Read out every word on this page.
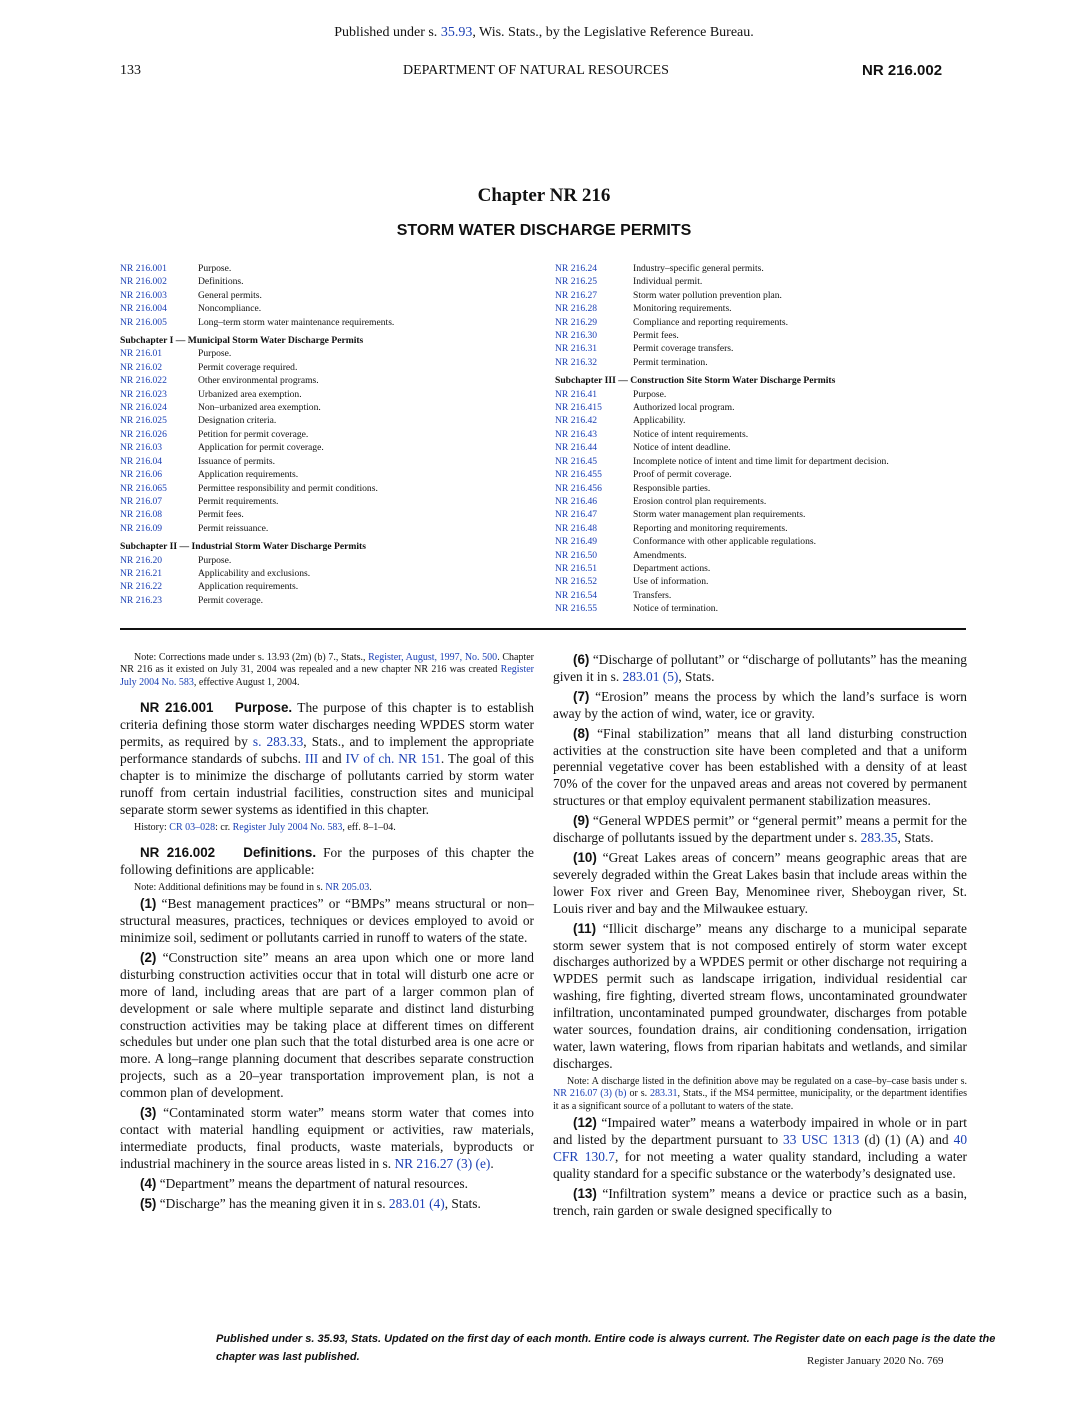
Published under s. 35.93, Wis. Stats., by the Legislative Reference Bureau.
133	DEPARTMENT OF NATURAL RESOURCES	NR 216.002
Chapter NR 216
STORM WATER DISCHARGE PERMITS
NR 216.001	Purpose.
NR 216.002	Definitions.
NR 216.003	General permits.
NR 216.004	Noncompliance.
NR 216.005	Long–term storm water maintenance requirements.
Subchapter I — Municipal Storm Water Discharge Permits
NR 216.01	Purpose.
NR 216.02	Permit coverage required.
NR 216.022	Other environmental programs.
NR 216.023	Urbanized area exemption.
NR 216.024	Non–urbanized area exemption.
NR 216.025	Designation criteria.
NR 216.026	Petition for permit coverage.
NR 216.03	Application for permit coverage.
NR 216.04	Issuance of permits.
NR 216.06	Application requirements.
NR 216.065	Permittee responsibility and permit conditions.
NR 216.07	Permit requirements.
NR 216.08	Permit fees.
NR 216.09	Permit reissuance.
Subchapter II — Industrial Storm Water Discharge Permits
NR 216.20	Purpose.
NR 216.21	Applicability and exclusions.
NR 216.22	Application requirements.
NR 216.23	Permit coverage.
NR 216.24	Industry–specific general permits.
NR 216.25	Individual permit.
NR 216.27	Storm water pollution prevention plan.
NR 216.28	Monitoring requirements.
NR 216.29	Compliance and reporting requirements.
NR 216.30	Permit fees.
NR 216.31	Permit coverage transfers.
NR 216.32	Permit termination.
Subchapter III — Construction Site Storm Water Discharge Permits
NR 216.41	Purpose.
NR 216.415	Authorized local program.
NR 216.42	Applicability.
NR 216.43	Notice of intent requirements.
NR 216.44	Notice of intent deadline.
NR 216.45	Incomplete notice of intent and time limit for department decision.
NR 216.455	Proof of permit coverage.
NR 216.456	Responsible parties.
NR 216.46	Erosion control plan requirements.
NR 216.47	Storm water management plan requirements.
NR 216.48	Reporting and monitoring requirements.
NR 216.49	Conformance with other applicable regulations.
NR 216.50	Amendments.
NR 216.51	Department actions.
NR 216.52	Use of information.
NR 216.54	Transfers.
NR 216.55	Notice of termination.

Note: Corrections made under s. 13.93 (2m) (b) 7., Stats., Register, August, 1997, No. 500. Chapter NR 216 as it existed on July 31, 2004 was repealed and a new chapter NR 216 was created Register July 2004 No. 583, effective August 1, 2004.

NR 216.001 Purpose. The purpose of this chapter is to establish criteria defining those storm water discharges needing WPDES storm water permits, as required by s. 283.33, Stats., and to implement the appropriate performance standards of subchs. III and IV of ch. NR 151. The goal of this chapter is to minimize the discharge of pollutants carried by storm water runoff from certain industrial facilities, construction sites and municipal separate storm sewer systems as identified in this chapter.

History: CR 03–028: cr. Register July 2004 No. 583, eff. 8–1–04.

NR 216.002 Definitions. For the purposes of this chapter the following definitions are applicable:

Note: Additional definitions may be found in s. NR 205.03.

(1) “Best management practices” or “BMPs” means structural or non–structural measures, practices, techniques or devices employed to avoid or minimize soil, sediment or pollutants carried in runoff to waters of the state.

(2) “Construction site” means an area upon which one or more land disturbing construction activities occur that in total will disturb one acre or more of land, including areas that are part of a larger common plan of development or sale where multiple separate and distinct land disturbing construction activities may be taking place at different times on different schedules but under one plan such that the total disturbed area is one acre or more. A long–range planning document that describes separate construction projects, such as a 20–year transportation improvement plan, is not a common plan of development.

(3) “Contaminated storm water” means storm water that comes into contact with material handling equipment or activities, raw materials, intermediate products, final products, waste materials, byproducts or industrial machinery in the source areas listed in s. NR 216.27 (3) (e).

(4) “Department” means the department of natural resources.

(5) “Discharge” has the meaning given it in s. 283.01 (4), Stats.

(6) “Discharge of pollutant” or “discharge of pollutants” has the meaning given it in s. 283.01 (5), Stats.

(7) “Erosion” means the process by which the land’s surface is worn away by the action of wind, water, ice or gravity.

(8) “Final stabilization” means that all land disturbing construction activities at the construction site have been completed and that a uniform perennial vegetative cover has been established with a density of at least 70% of the cover for the unpaved areas and areas not covered by permanent structures or that employ equivalent permanent stabilization measures.

(9) “General WPDES permit” or “general permit” means a permit for the discharge of pollutants issued by the department under s. 283.35, Stats.

(10) “Great Lakes areas of concern” means geographic areas that are severely degraded within the Great Lakes basin that include areas within the lower Fox river and Green Bay, Menominee river, Sheboygan river, St. Louis river and bay and the Milwaukee estuary.

(11) “Illicit discharge” means any discharge to a municipal separate storm sewer system that is not composed entirely of storm water except discharges authorized by a WPDES permit or other discharge not requiring a WPDES permit such as landscape irrigation, individual residential car washing, fire fighting, diverted stream flows, uncontaminated groundwater infiltration, uncontaminated pumped groundwater, discharges from potable water sources, foundation drains, air conditioning condensation, irrigation water, lawn watering, flows from riparian habitats and wetlands, and similar discharges.

Note: A discharge listed in the definition above may be regulated on a case–by–case basis under s. NR 216.07 (3) (b) or s. 283.31, Stats., if the MS4 permittee, municipality, or the department identifies it as a significant source of a pollutant to waters of the state.

(12) “Impaired water” means a waterbody impaired in whole or in part and listed by the department pursuant to 33 USC 1313 (d) (1) (A) and 40 CFR 130.7, for not meeting a water quality standard, including a water quality standard for a specific substance or the waterbody’s designated use.

(13) “Infiltration system” means a device or practice such as a basin, trench, rain garden or swale designed specifically to

Published under s. 35.93, Stats. Updated on the first day of each month. Entire code is always current. The Register date on each page is the date the chapter was last published.	Register January 2020 No. 769
